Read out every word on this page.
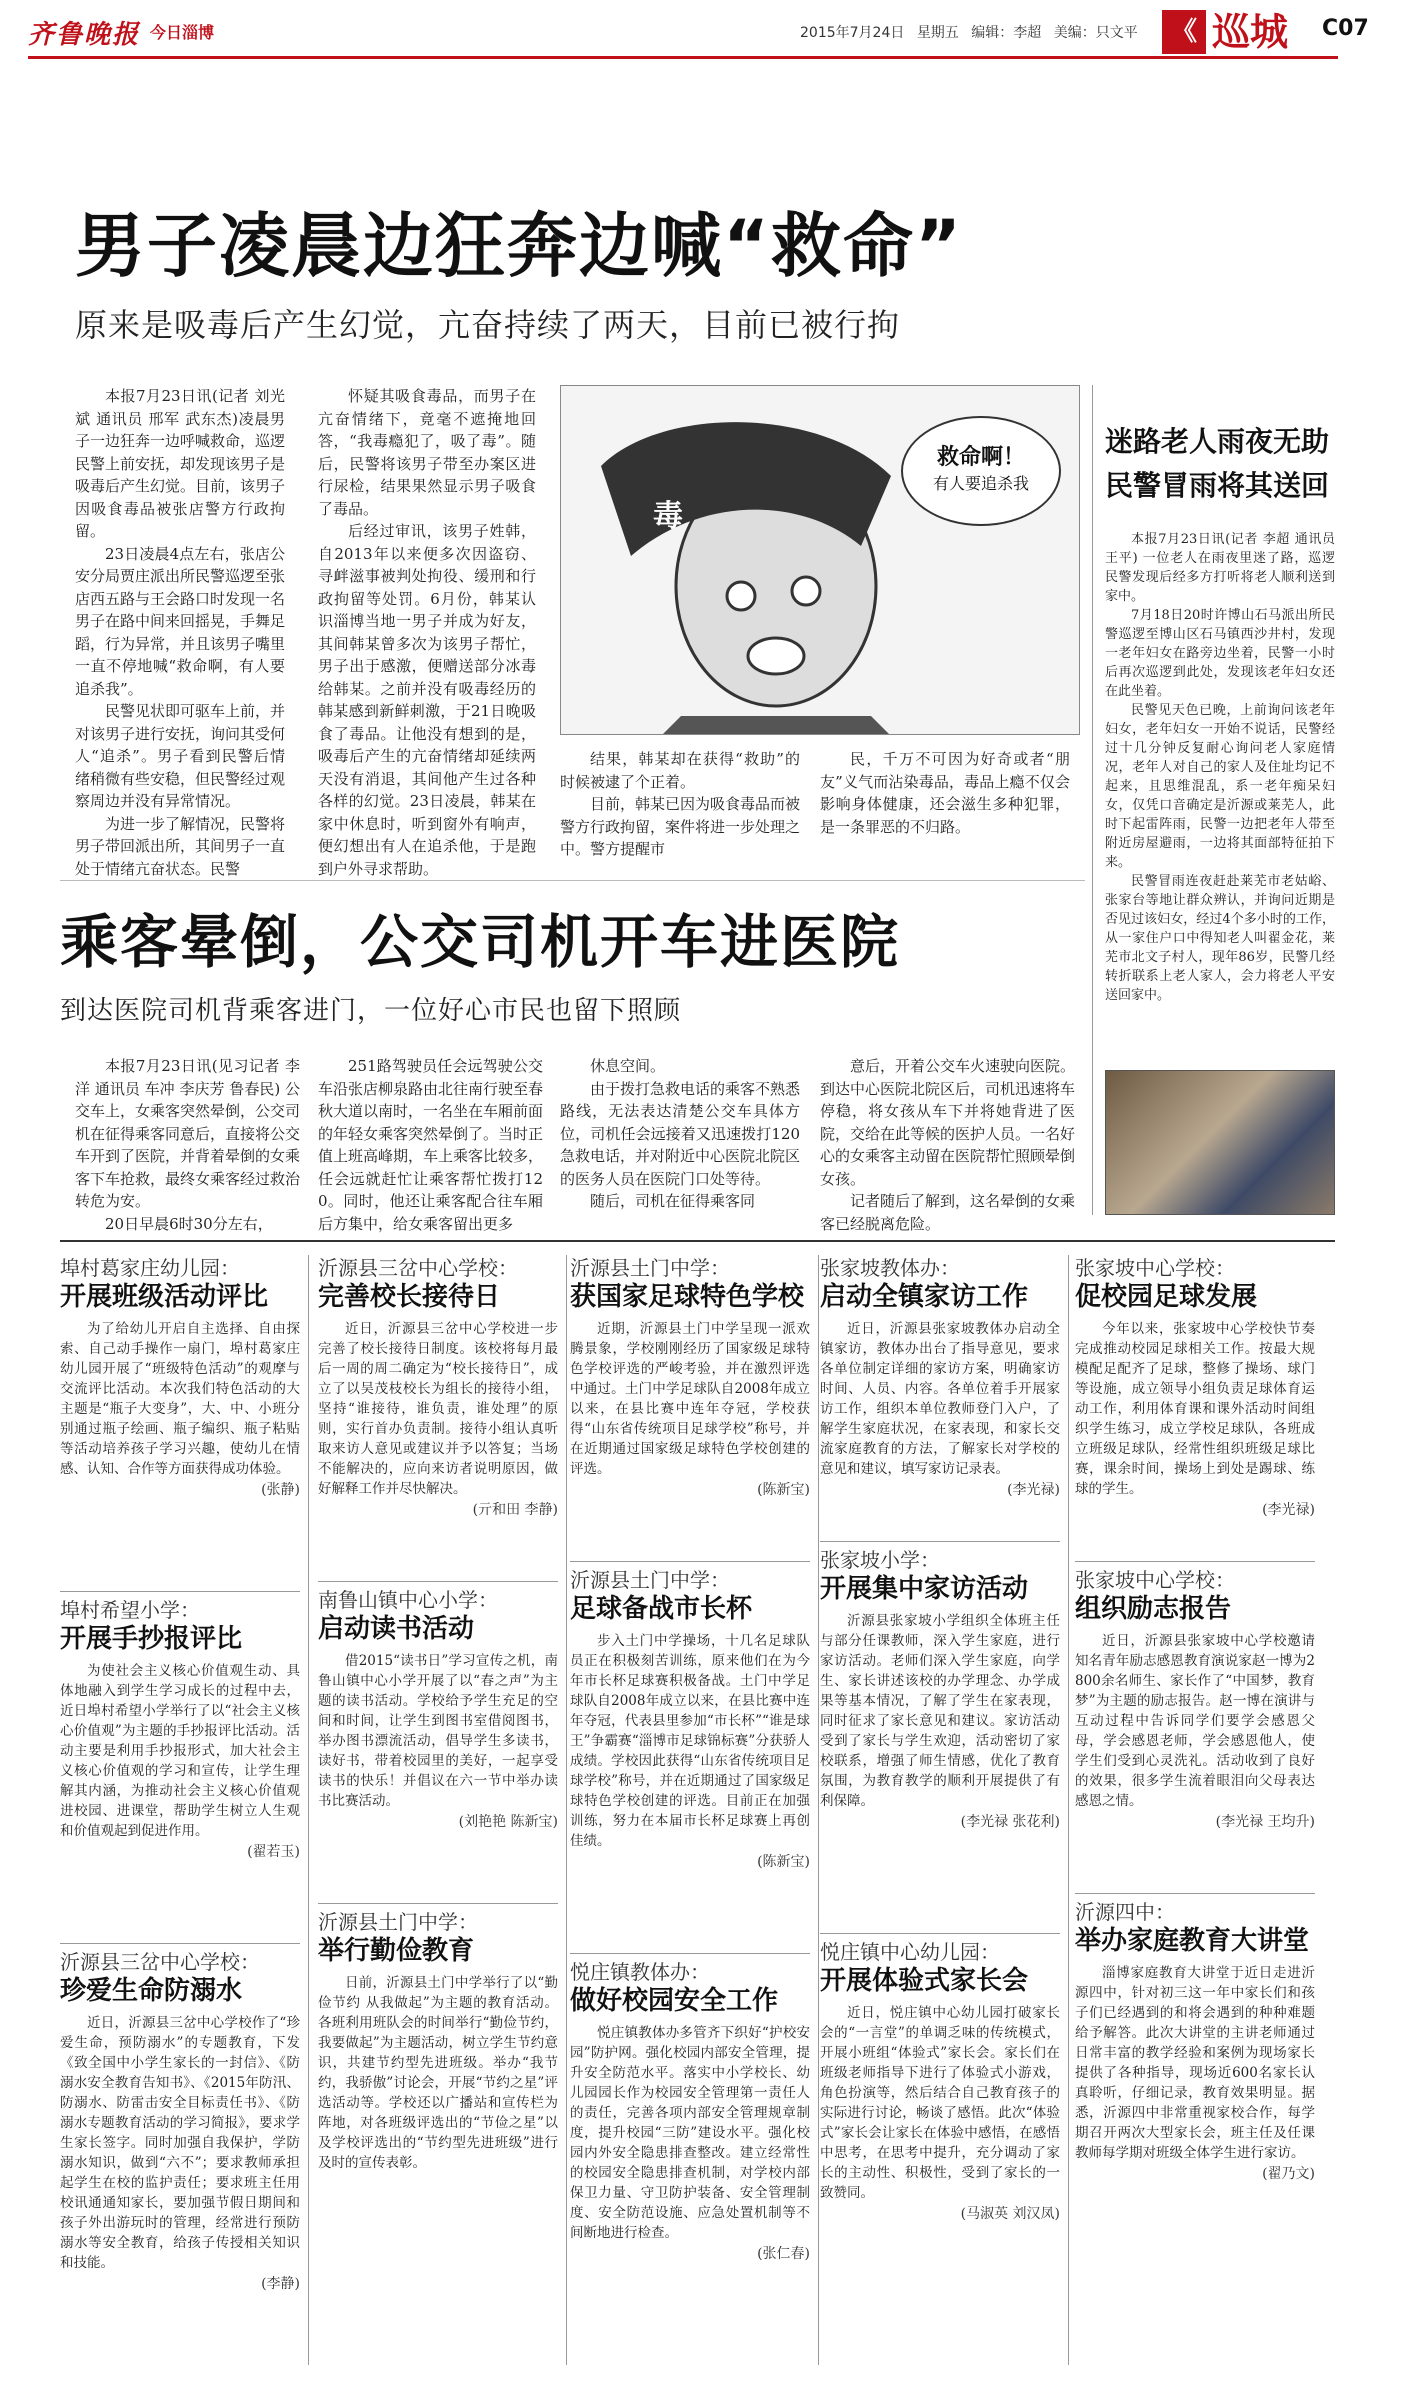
齐鲁晚报 今日淄博	2015年7月24日 星期五 编辑：李超 美编：只文平	《 巡城 C07
男子凌晨边狂奔边喊“救命”
原来是吸毒后产生幻觉，亢奋持续了两天，目前已被行拘

本报7月23日讯(记者 刘光斌 通讯员 邢军 武东杰)凌晨男子一边狂奔一边呼喊救命，巡逻民警上前安抚，却发现该男子是吸毒后产生幻觉。目前，该男子因吸食毒品被张店警方行政拘留。

23日凌晨4点左右，张店公安分局贾庄派出所民警巡逻至张店西五路与王会路口时发现一名男子在路中间来回摇晃，手舞足蹈，行为异常，并且该男子嘴里一直不停地喊“救命啊，有人要追杀我”。

民警见状即可驱车上前，并对该男子进行安抚，询问其受何人“追杀”。男子看到民警后情绪稍微有些安稳，但民警经过观察周边并没有异常情况。

为进一步了解情况，民警将男子带回派出所，其间男子一直处于情绪亢奋状态。民警

怀疑其吸食毒品，而男子在亢奋情绪下，竟毫不遮掩地回答，“我毒瘾犯了，吸了毒”。随后，民警将该男子带至办案区进行尿检，结果果然显示男子吸食了毒品。

后经过审讯，该男子姓韩，自2013年以来便多次因盗窃、寻衅滋事被判处拘役、缓刑和行政拘留等处罚。6月份，韩某认识淄博当地一男子并成为好友，其间韩某曾多次为该男子帮忙，男子出于感激，便赠送部分冰毒给韩某。之前并没有吸毒经历的韩某感到新鲜刺激，于21日晚吸食了毒品。让他没有想到的是，吸毒后产生的亢奋情绪却延续两天没有消退，其间他产生过各种各样的幻觉。23日凌晨，韩某在家中休息时，听到窗外有响声，便幻想出有人在追杀他，于是跑到户外寻求帮助。

毒
救命啊！
有人要追杀我

结果，韩某却在获得“救助”的时候被逮了个正着。

目前，韩某已因为吸食毒品而被警方行政拘留，案件将进一步处理之中。警方提醒市

民，千万不可因为好奇或者“朋友”义气而沾染毒品，毒品上瘾不仅会影响身体健康，还会滋生多种犯罪，是一条罪恶的不归路。

迷路老人雨夜无助 民警冒雨将其送回

本报7月23日讯(记者 李超 通讯员 王平) 一位老人在雨夜里迷了路，巡逻民警发现后经多方打听将老人顺利送到家中。

7月18日20时许博山石马派出所民警巡逻至博山区石马镇西沙井村，发现一老年妇女在路旁边坐着，民警一小时后再次巡逻到此处，发现该老年妇女还在此坐着。

民警见天色已晚，上前询问该老年妇女，老年妇女一开始不说话，民警经过十几分钟反复耐心询问老人家庭情况，老年人对自己的家人及住址均记不起来，且思维混乱，系一老年痴呆妇女，仅凭口音确定是沂源或莱芜人，此时下起雷阵雨，民警一边把老年人带至附近房屋避雨，一边将其面部特征拍下来。

民警冒雨连夜赶赴莱芜市老姑峪、张家台等地让群众辨认，并询问近期是否见过该妇女，经过4个多小时的工作，从一家住户口中得知老人叫翟金花，莱芜市北文子村人，现年86岁，民警几经转折联系上老人家人，会力将老人平安送回家中。

乘客晕倒，公交司机开车进医院
到达医院司机背乘客进门，一位好心市民也留下照顾

本报7月23日讯(见习记者 李洋 通讯员 车冲 李庆芳 鲁春民) 公交车上，女乘客突然晕倒，公交司机在征得乘客同意后，直接将公交车开到了医院，并背着晕倒的女乘客下车抢救，最终女乘客经过救治转危为安。

20日早晨6时30分左右，

251路驾驶员任会远驾驶公交车沿张店柳泉路由北往南行驶至春秋大道以南时，一名坐在车厢前面的年轻女乘客突然晕倒了。当时正值上班高峰期，车上乘客比较多，任会远就赶忙让乘客帮忙拨打120。同时，他还让乘客配合往车厢后方集中，给女乘客留出更多

休息空间。

由于拨打急救电话的乘客不熟悉路线，无法表达清楚公交车具体方位，司机任会远接着又迅速拨打120急救电话，并对附近中心医院北院区的医务人员在医院门口处等待。

随后，司机在征得乘客同

意后，开着公交车火速驶向医院。到达中心医院北院区后，司机迅速将车停稳，将女孩从车下并将她背进了医院，交给在此等候的医护人员。一名好心的女乘客主动留在医院帮忙照顾晕倒女孩。

记者随后了解到，这名晕倒的女乘客已经脱离危险。

埠村葛家庄幼儿园：
开展班级活动评比
为了给幼儿开启自主选择、自由探索、自己动手操作一扇门，埠村葛家庄幼儿园开展了“班级特色活动”的观摩与交流评比活动。本次我们特色活动的大主题是“瓶子大变身”，大、中、小班分别通过瓶子绘画、瓶子编织、瓶子粘贴等活动培养孩子学习兴趣，使幼儿在情感、认知、合作等方面获得成功体验。
(张静)
埠村希望小学：
开展手抄报评比
为使社会主义核心价值观生动、具体地融入到学生学习成长的过程中去，近日埠村希望小学举行了以“社会主义核心价值观”为主题的手抄报评比活动。活动主要是利用手抄报形式，加大社会主义核心价值观的学习和宣传，让学生理解其内涵，为推动社会主义核心价值观进校园、进课堂，帮助学生树立人生观和价值观起到促进作用。
(翟若玉)
沂源县三岔中心学校：
珍爱生命防溺水
近日，沂源县三岔中心学校作了“珍爱生命，预防溺水”的专题教育，下发《致全国中小学生家长的一封信》、《防溺水安全教育告知书》、《2015年防汛、防溺水、防雷击安全目标责任书》、《防溺水专题教育活动的学习简报》，要求学生家长签字。同时加强自我保护，学防溺水知识，做到“六不”；要求教师承担起学生在校的监护责任；要求班主任用校讯通通知家长，要加强节假日期间和孩子外出游玩时的管理，经常进行预防溺水等安全教育，给孩子传授相关知识和技能。
(李静)
沂源县三岔中心学校：
完善校长接待日
近日，沂源县三岔中心学校进一步完善了校长接待日制度。该校将每月最后一周的周二确定为“校长接待日”，成立了以吴茂枝校长为组长的接待小组，坚持“谁接待，谁负责，谁处理”的原则，实行首办负责制。接待小组认真听取来访人意见或建议并予以答复；当场不能解决的，应向来访者说明原因，做好解释工作并尽快解决。
(亓和田 李静)
南鲁山镇中心小学：
启动读书活动
借2015“读书日”学习宣传之机，南鲁山镇中心小学开展了以“春之声”为主题的读书活动。学校给予学生充足的空间和时间，让学生到图书室借阅图书，举办图书漂流活动，倡导学生多读书，读好书，带着校园里的美好，一起享受读书的快乐！并倡议在六一节中举办读书比赛活动。
(刘艳艳 陈新宝)
沂源县土门中学：
举行勤俭教育
日前，沂源县土门中学举行了以“勤俭节约 从我做起”为主题的教育活动。各班利用班队会的时间举行“勤俭节约，我要做起”为主题活动，树立学生节约意识，共建节约型先进班级。举办“我节约，我骄傲”讨论会，开展“节约之星”评选活动等。学校还以广播站和宣传栏为阵地，对各班级评选出的“节俭之星”以及学校评选出的“节约型先进班级”进行及时的宣传表彰。
沂源县土门中学：
获国家足球特色学校
近期，沂源县土门中学呈现一派欢腾景象，学校刚刚经历了国家级足球特色学校评选的严峻考验，并在激烈评选中通过。土门中学足球队自2008年成立以来，在县比赛中连年夺冠，学校获得“山东省传统项目足球学校”称号，并在近期通过国家级足球特色学校创建的评选。
(陈新宝)
沂源县土门中学：
足球备战市长杯
步入土门中学操场，十几名足球队员正在积极刻苦训练，原来他们在为今年市长杯足球赛积极备战。土门中学足球队自2008年成立以来，在县比赛中连年夺冠，代表县里参加“市长杯”“谁是球王”争霸赛“淄博市足球锦标赛”分获骄人成绩。学校因此获得“山东省传统项目足球学校”称号，并在近期通过了国家级足球特色学校创建的评选。目前正在加强训练，努力在本届市长杯足球赛上再创佳绩。
(陈新宝)
悦庄镇教体办：
做好校园安全工作
悦庄镇教体办多管齐下织好“护校安园”防护网。强化校园内部安全管理，提升安全防范水平。落实中小学校长、幼儿园园长作为校园安全管理第一责任人的责任，完善各项内部安全管理规章制度，提升校园“三防”建设水平。强化校园内外安全隐患排查整改。建立经常性的校园安全隐患排查机制，对学校内部保卫力量、守卫防护装备、安全管理制度、安全防范设施、应急处置机制等不间断地进行检查。
(张仁春)
张家坡教体办：
启动全镇家访工作
近日，沂源县张家坡教体办启动全镇家访，教体办出台了指导意见，要求各单位制定详细的家访方案，明确家访时间、人员、内容。各单位着手开展家访工作，组织本单位教师登门入户，了解学生家庭状况，在家表现，和家长交流家庭教育的方法，了解家长对学校的意见和建议，填写家访记录表。
(李光禄)
张家坡小学：
开展集中家访活动
沂源县张家坡小学组织全体班主任与部分任课教师，深入学生家庭，进行家访活动。老师们深入学生家庭，向学生、家长讲述该校的办学理念、办学成果等基本情况，了解了学生在家表现，同时征求了家长意见和建议。家访活动受到了家长与学生欢迎，活动密切了家校联系，增强了师生情感，优化了教育氛围，为教育教学的顺利开展提供了有利保障。
(李光禄 张花利)
悦庄镇中心幼儿园：
开展体验式家长会
近日，悦庄镇中心幼儿园打破家长会的“一言堂”的单调乏味的传统模式，开展小班组“体验式”家长会。家长们在班级老师指导下进行了体验式小游戏，角色扮演等，然后结合自己教育孩子的实际进行讨论，畅谈了感悟。此次“体验式”家长会让家长在体验中感悟，在感悟中思考，在思考中提升，充分调动了家长的主动性、积极性，受到了家长的一致赞同。
(马淑英 刘汉凤)
张家坡中心学校：
促校园足球发展
今年以来，张家坡中心学校快节奏完成推动校园足球相关工作。按最大规模配足配齐了足球，整修了操场、球门等设施，成立领导小组负责足球体育运动工作，利用体育课和课外活动时间组织学生练习，成立学校足球队，各班成立班级足球队，经常性组织班级足球比赛，课余时间，操场上到处是踢球、练球的学生。
(李光禄)
张家坡中心学校：
组织励志报告
近日，沂源县张家坡中心学校邀请知名青年励志感恩教育演说家赵一博为2800余名师生、家长作了“中国梦，教育梦”为主题的励志报告。赵一博在演讲与互动过程中告诉同学们要学会感恩父母，学会感恩老师，学会感恩他人，使学生们受到心灵洗礼。活动收到了良好的效果，很多学生流着眼泪向父母表达感恩之情。
(李光禄 王均升)
沂源四中：
举办家庭教育大讲堂
淄博家庭教育大讲堂于近日走进沂源四中，针对初三这一年中家长们和孩子们已经遇到的和将会遇到的种种难题给予解答。此次大讲堂的主讲老师通过日常丰富的教学经验和案例为现场家长提供了各种指导，现场近600名家长认真聆听，仔细记录，教育效果明显。据悉，沂源四中非常重视家校合作，每学期召开两次大型家长会，班主任及任课教师每学期对班级全体学生进行家访。
(翟乃文)
